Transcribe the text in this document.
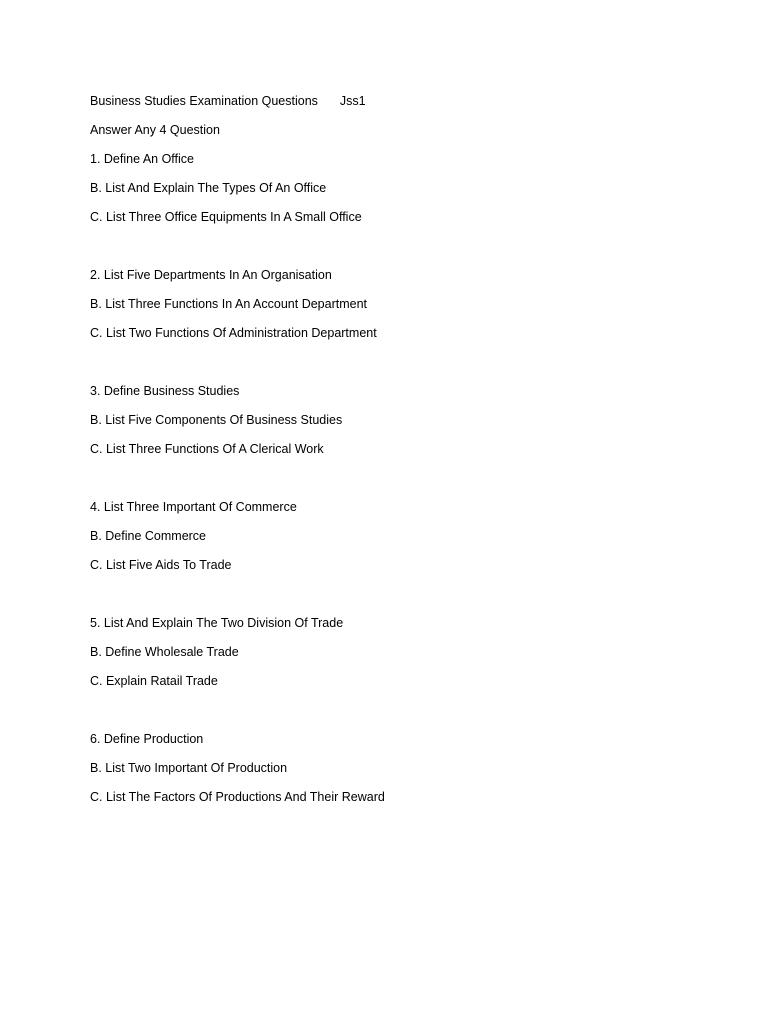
Business Studies Examination Questions Jss1
Answer Any 4 Question
1. Define An Office
B. List And Explain The Types Of An Office
C. List Three Office Equipments In A Small Office
2. List Five Departments In An Organisation
B. List Three Functions In An Account Department
C. List Two Functions Of Administration Department
3. Define Business Studies
B. List Five Components Of Business Studies
C. List Three Functions Of A Clerical Work
4. List Three Important Of Commerce
B. Define Commerce
C. List Five Aids To Trade
5. List And Explain The Two Division Of Trade
B. Define Wholesale Trade
C. Explain Ratail Trade
6. Define Production
B. List Two Important Of Production
C. List The Factors Of Productions And Their Reward
